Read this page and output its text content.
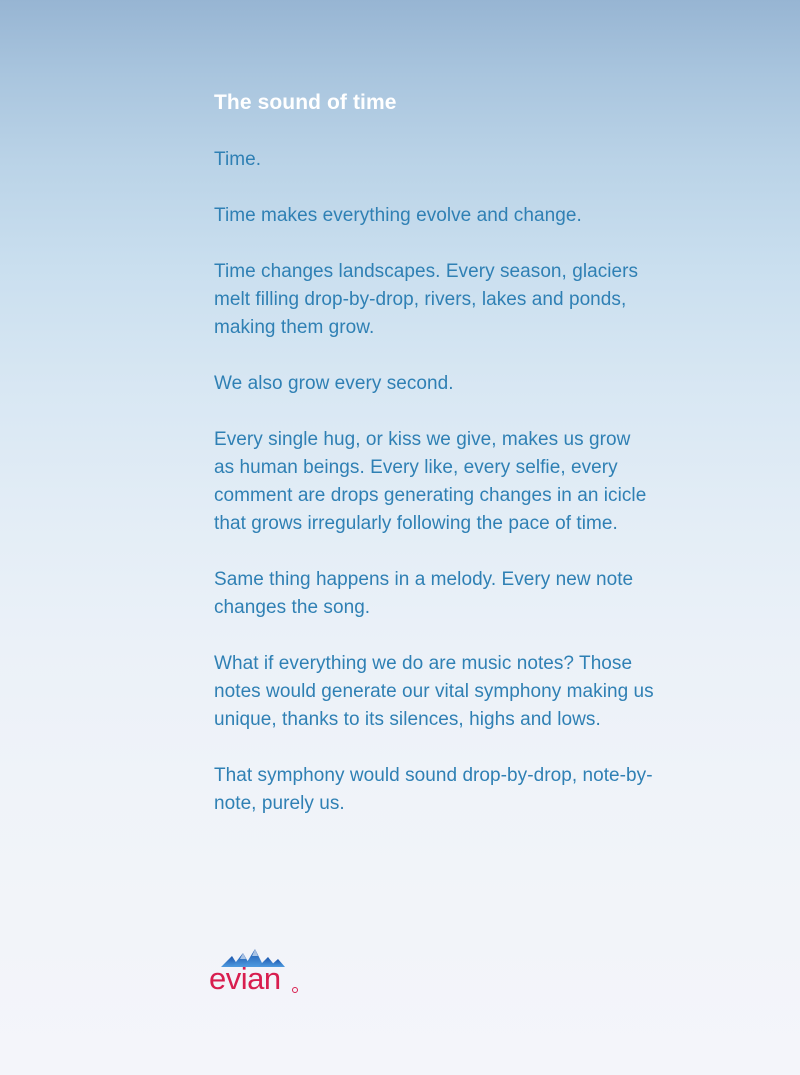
The sound of time

Time.

Time makes everything evolve and change.

Time changes landscapes. Every season, glaciers melt filling drop-by-drop, rivers, lakes and ponds, making them grow.

We also grow every second.

Every single hug, or kiss we give, makes us grow as human beings. Every like, every selfie, every comment are drops generating changes in an icicle that grows irregularly following the pace of time.

Same thing happens in a melody. Every new note changes the song.

What if everything we do are music notes? Those notes would generate our vital symphony making us unique, thanks to its silences, highs and lows.

That symphony would sound drop-by-drop, note-by-note, purely us.

evian
